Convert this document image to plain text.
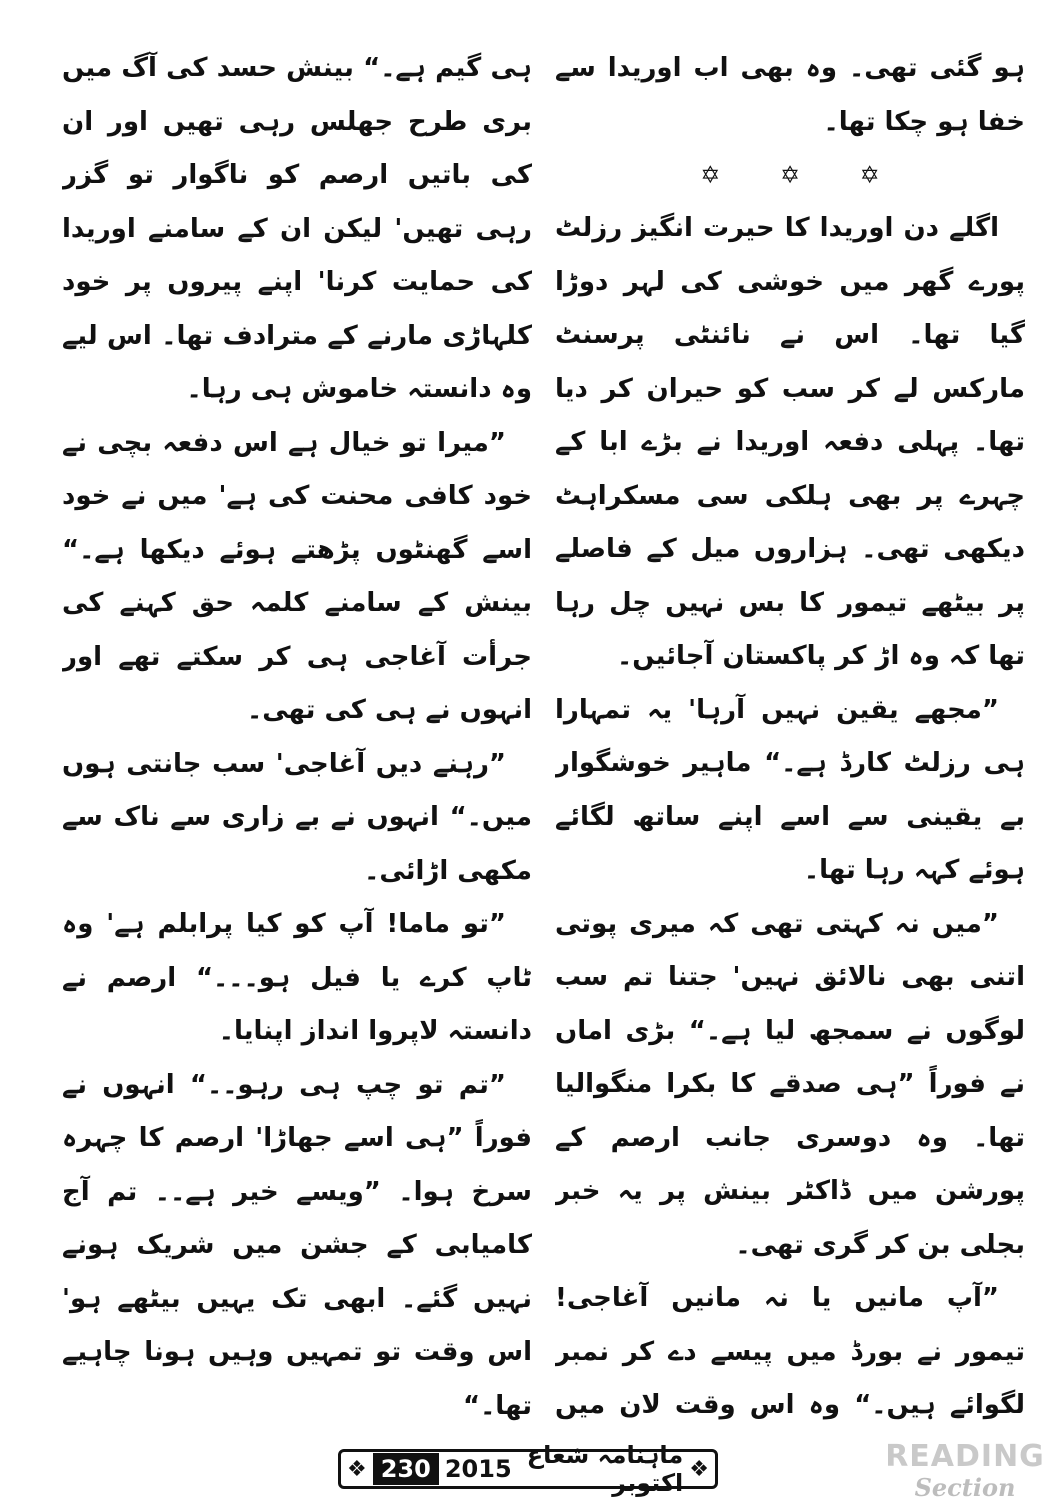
ہو گئی تھی۔ وہ بھی اب اوریدا سے خفا ہو چکا تھا۔

✡ ✡ ✡

اگلے دن اوریدا کا حیرت انگیز رزلٹ پورے گھر میں خوشی کی لہر دوڑا گیا تھا۔ اس نے نائنٹی پرسنٹ مارکس لے کر سب کو حیران کر دیا تھا۔ پہلی دفعہ اوریدا نے بڑے ابا کے چہرے پر بھی ہلکی سی مسکراہٹ دیکھی تھی۔ ہزاروں میل کے فاصلے پر بیٹھے تیمور کا بس نہیں چل رہا تھا کہ وہ اڑ کر پاکستان آجائیں۔

”مجھے یقین نہیں آرہا' یہ تمہارا ہی رزلٹ کارڈ ہے۔“ ماہیر خوشگوار بے یقینی سے اسے اپنے ساتھ لگائے ہوئے کہہ رہا تھا۔

”میں نہ کہتی تھی کہ میری پوتی اتنی بھی نالائق نہیں' جتنا تم سب لوگوں نے سمجھ لیا ہے۔“ بڑی اماں نے فوراً ”ہی صدقے کا بکرا منگوالیا تھا۔ وہ دوسری جانب ارصم کے پورشن میں ڈاکٹر بینش پر یہ خبر بجلی بن کر گری تھی۔

”آپ مانیں یا نہ مانیں آغاجی! تیمور نے بورڈ میں پیسے دے کر نمبر لگوائے ہیں۔“ وہ اس وقت لان میں

ہی گیم ہے۔“ بینش حسد کی آگ میں بری طرح جھلس رہی تھیں اور ان کی باتیں ارصم کو ناگوار تو گزر رہی تھیں' لیکن ان کے سامنے اوریدا کی حمایت کرنا' اپنے پیروں پر خود کلہاڑی مارنے کے مترادف تھا۔ اس لیے وہ دانستہ خاموش ہی رہا۔

”میرا تو خیال ہے اس دفعہ بچی نے خود کافی محنت کی ہے' میں نے خود اسے گھنٹوں پڑھتے ہوئے دیکھا ہے۔“ بینش کے سامنے کلمہ حق کہنے کی جرأت آغاجی ہی کر سکتے تھے اور انہوں نے ہی کی تھی۔

”رہنے دیں آغاجی' سب جانتی ہوں میں۔“ انہوں نے بے زاری سے ناک سے مکھی اڑائی۔

”تو ماما! آپ کو کیا پرابلم ہے' وہ ٹاپ کرے یا فیل ہو۔۔۔“ ارصم نے دانستہ لاپروا انداز اپنایا۔

”تم تو چپ ہی رہو۔۔“ انہوں نے فوراً ”ہی اسے جھاڑا' ارصم کا چہرہ سرخ ہوا۔ ”ویسے خیر ہے۔۔ تم آج کامیابی کے جشن میں شریک ہونے نہیں گئے۔ ابھی تک یہیں بیٹھے ہو' اس وقت تو تمہیں وہیں ہونا چاہیے تھا۔“

❖ 230 2015 ماہنامہ شعاع اکتوبر ❖	READING
Section
